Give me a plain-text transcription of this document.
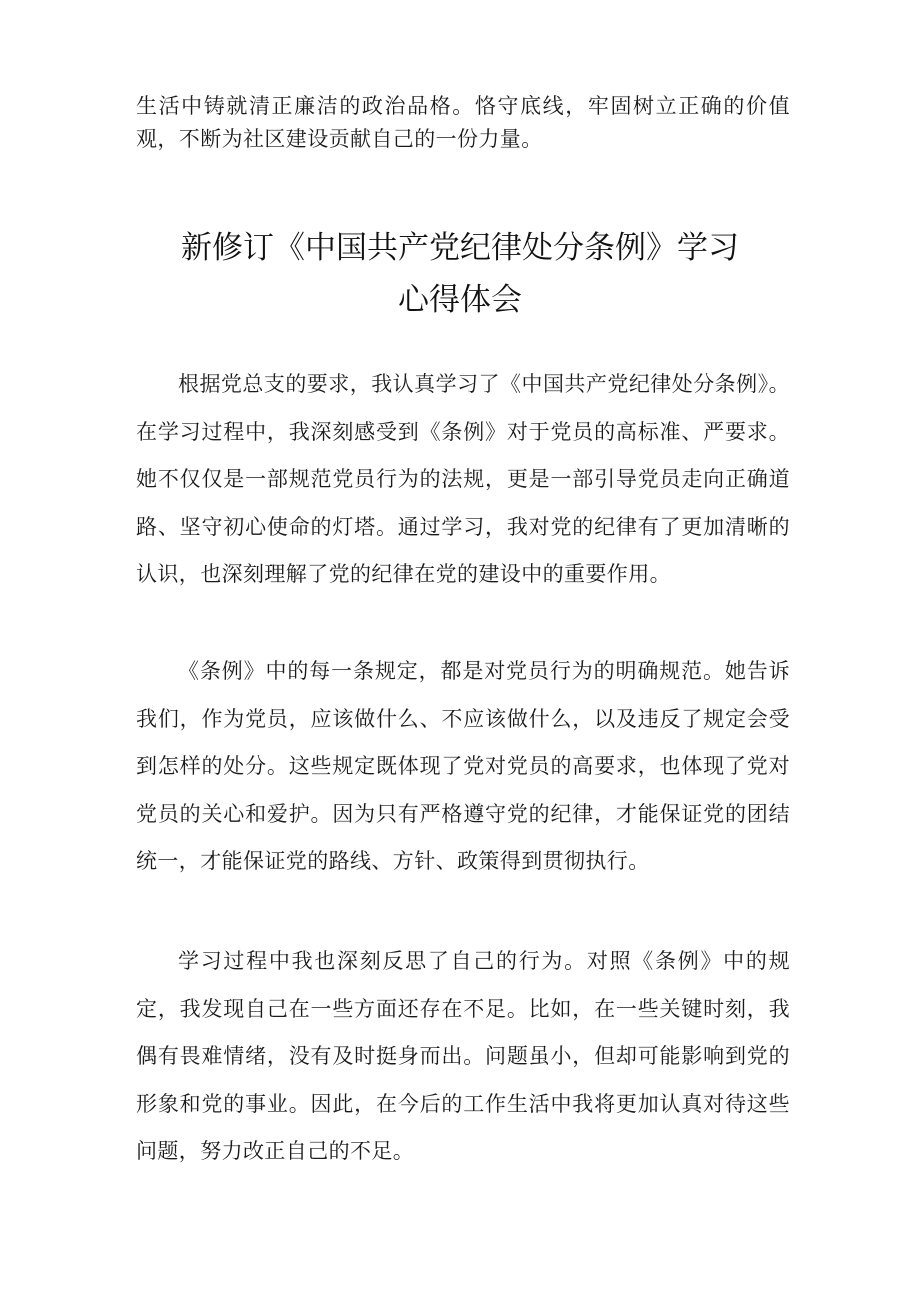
生活中铸就清正廉洁的政治品格。恪守底线，牢固树立正确的价值观，不断为社区建设贡献自己的一份力量。

新修订《中国共产党纪律处分条例》学习
心得体会

根据党总支的要求，我认真学习了《中国共产党纪律处分条例》。在学习过程中，我深刻感受到《条例》对于党员的高标准、严要求。她不仅仅是一部规范党员行为的法规，更是一部引导党员走向正确道路、坚守初心使命的灯塔。通过学习，我对党的纪律有了更加清晰的认识，也深刻理解了党的纪律在党的建设中的重要作用。

《条例》中的每一条规定，都是对党员行为的明确规范。她告诉我们，作为党员，应该做什么、不应该做什么，以及违反了规定会受到怎样的处分。这些规定既体现了党对党员的高要求，也体现了党对党员的关心和爱护。因为只有严格遵守党的纪律，才能保证党的团结统一，才能保证党的路线、方针、政策得到贯彻执行。

学习过程中我也深刻反思了自己的行为。对照《条例》中的规定，我发现自己在一些方面还存在不足。比如，在一些关键时刻，我偶有畏难情绪，没有及时挺身而出。问题虽小，但却可能影响到党的形象和党的事业。因此，在今后的工作生活中我将更加认真对待这些问题，努力改正自己的不足。
